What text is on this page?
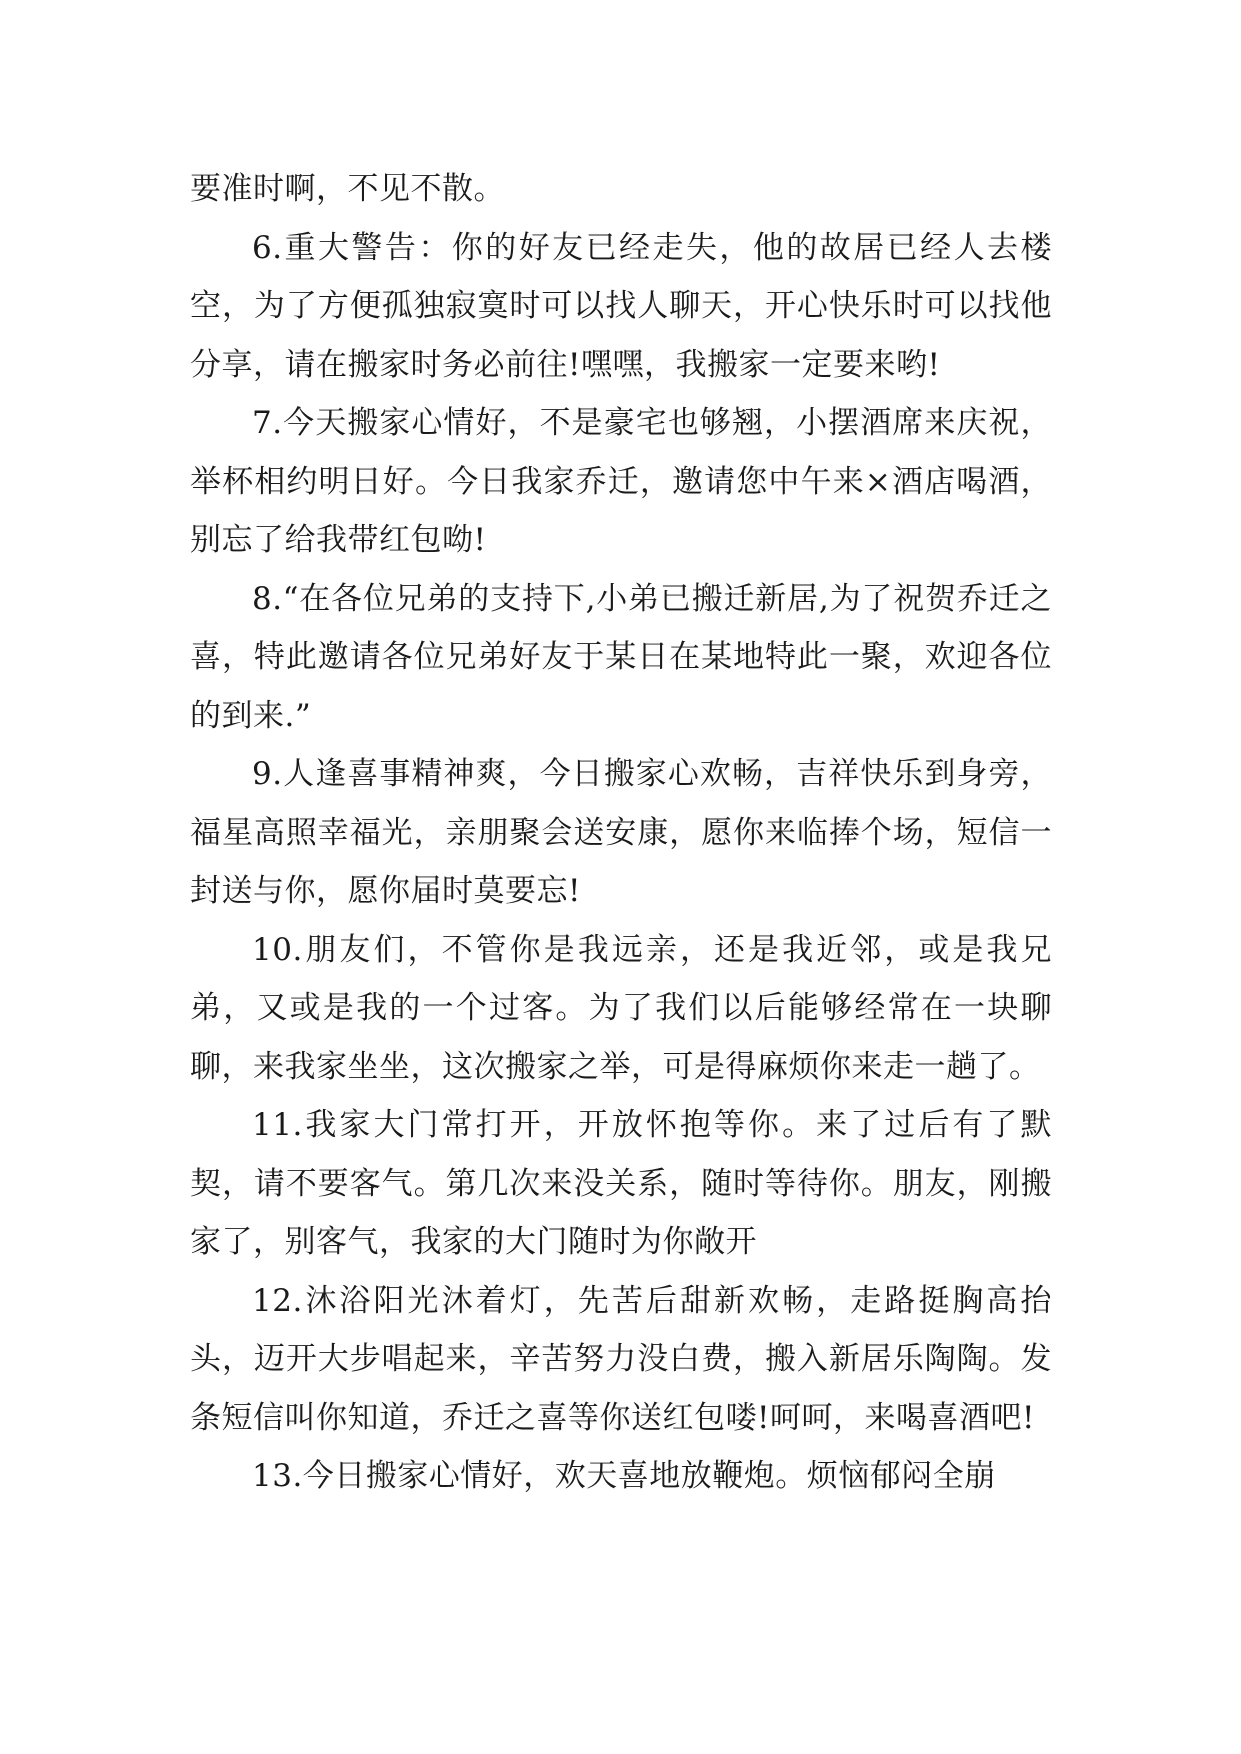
要准时啊，不见不散。

6.重大警告：你的好友已经走失，他的故居已经人去楼空，为了方便孤独寂寞时可以找人聊天，开心快乐时可以找他分享，请在搬家时务必前往!嘿嘿，我搬家一定要来哟!

7.今天搬家心情好，不是豪宅也够翘，小摆酒席来庆祝，举杯相约明日好。今日我家乔迁，邀请您中午来×酒店喝酒，别忘了给我带红包呦!

8.“在各位兄弟的支持下,小弟已搬迁新居,为了祝贺乔迁之喜，特此邀请各位兄弟好友于某日在某地特此一聚，欢迎各位的到来.”

9.人逢喜事精神爽，今日搬家心欢畅，吉祥快乐到身旁，福星高照幸福光，亲朋聚会送安康，愿你来临捧个场，短信一封送与你，愿你届时莫要忘!

10.朋友们，不管你是我远亲，还是我近邻，或是我兄弟，又或是我的一个过客。为了我们以后能够经常在一块聊聊，来我家坐坐，这次搬家之举，可是得麻烦你来走一趟了。

11.我家大门常打开，开放怀抱等你。来了过后有了默契，请不要客气。第几次来没关系，随时等待你。朋友，刚搬家了，别客气，我家的大门随时为你敞开

12.沐浴阳光沐着灯，先苦后甜新欢畅，走路挺胸高抬头，迈开大步唱起来，辛苦努力没白费，搬入新居乐陶陶。发条短信叫你知道，乔迁之喜等你送红包喽!呵呵，来喝喜酒吧!

13.今日搬家心情好，欢天喜地放鞭炮。烦恼郁闷全崩
